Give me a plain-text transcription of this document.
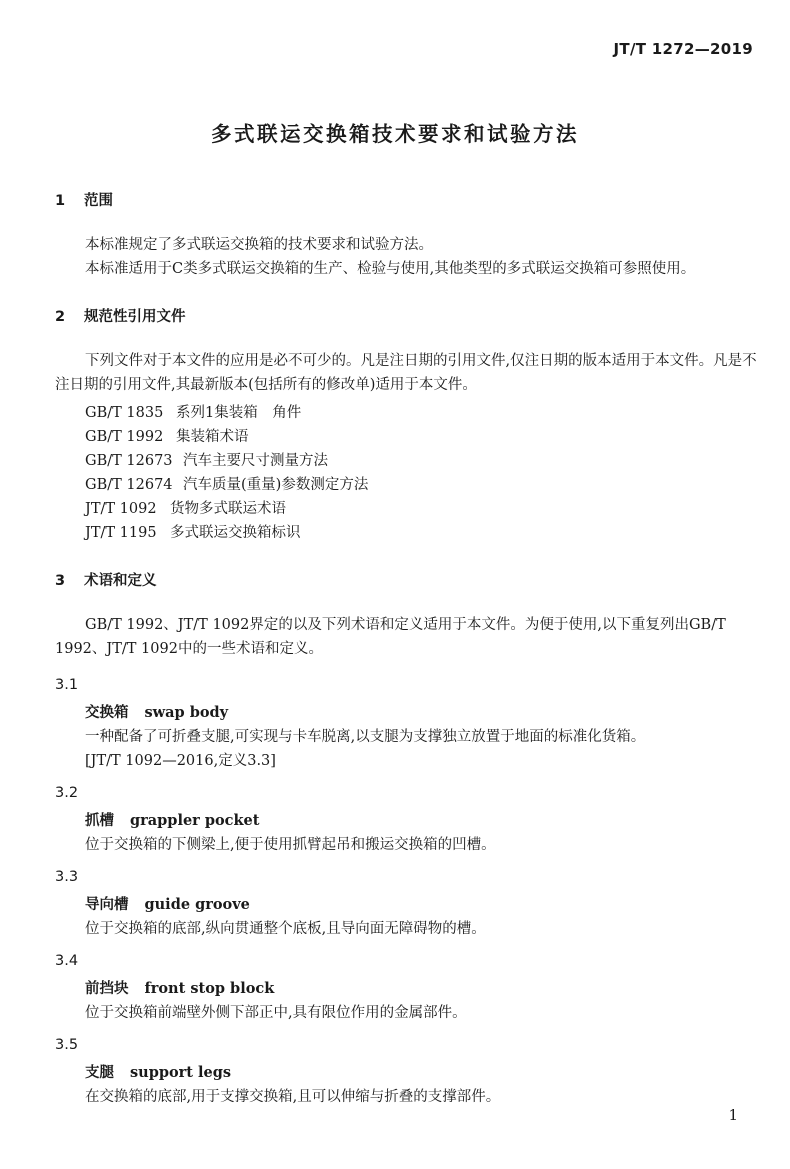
JT/T 1272—2019
多式联运交换箱技术要求和试验方法
1 范围
本标准规定了多式联运交换箱的技术要求和试验方法。
本标准适用于C类多式联运交换箱的生产、检验与使用,其他类型的多式联运交换箱可参照使用。
2 规范性引用文件

下列文件对于本文件的应用是必不可少的。凡是注日期的引用文件,仅注日期的版本适用于本文件。凡是不注日期的引用文件,其最新版本(包括所有的修改单)适用于本文件。

GB/T 1835 系列1集装箱　角件
GB/T 1992 集装箱术语
GB/T 12673 汽车主要尺寸测量方法
GB/T 12674 汽车质量(重量)参数测定方法
JT/T 1092 货物多式联运术语
JT/T 1195 多式联运交换箱标识
3 术语和定义

GB/T 1992、JT/T 1092界定的以及下列术语和定义适用于本文件。为便于使用,以下重复列出GB/T 1992、JT/T 1092中的一些术语和定义。

3.1
交换箱 swap body
一种配备了可折叠支腿,可实现与卡车脱离,以支腿为支撑独立放置于地面的标准化货箱。
[JT/T 1092—2016,定义3.3]
3.2
抓槽 grappler pocket
位于交换箱的下侧梁上,便于使用抓臂起吊和搬运交换箱的凹槽。
3.3
导向槽 guide groove
位于交换箱的底部,纵向贯通整个底板,且导向面无障碍物的槽。
3.4
前挡块 front stop block
位于交换箱前端壁外侧下部正中,具有限位作用的金属部件。
3.5
支腿 support legs
在交换箱的底部,用于支撑交换箱,且可以伸缩与折叠的支撑部件。
1
